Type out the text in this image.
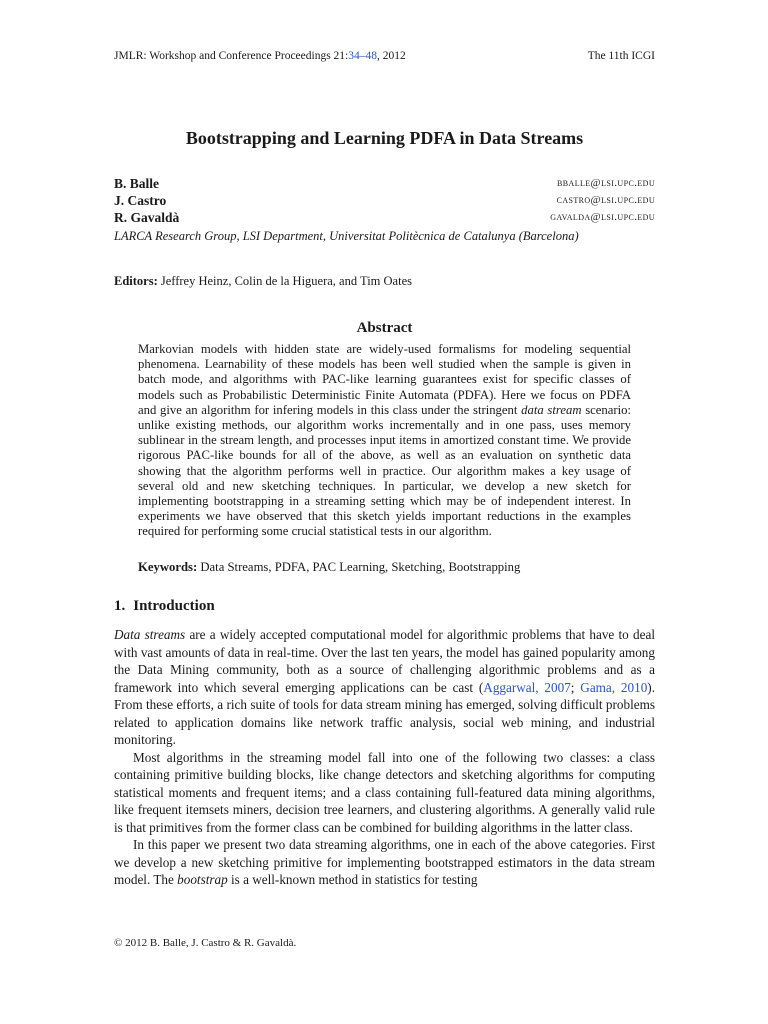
JMLR: Workshop and Conference Proceedings 21:34–48, 2012	The 11th ICGI
Bootstrapping and Learning PDFA in Data Streams
B. Balle	bballe@lsi.upc.edu
J. Castro	castro@lsi.upc.edu
R. Gavaldà	gavalda@lsi.upc.edu
LARCA Research Group, LSI Department, Universitat Politècnica de Catalunya (Barcelona)
Editors: Jeffrey Heinz, Colin de la Higuera, and Tim Oates
Abstract
Markovian models with hidden state are widely-used formalisms for modeling sequential phenomena. Learnability of these models has been well studied when the sample is given in batch mode, and algorithms with PAC-like learning guarantees exist for specific classes of models such as Probabilistic Deterministic Finite Automata (PDFA). Here we focus on PDFA and give an algorithm for infering models in this class under the stringent data stream scenario: unlike existing methods, our algorithm works incrementally and in one pass, uses memory sublinear in the stream length, and processes input items in amortized constant time. We provide rigorous PAC-like bounds for all of the above, as well as an evaluation on synthetic data showing that the algorithm performs well in practice. Our algorithm makes a key usage of several old and new sketching techniques. In particular, we develop a new sketch for implementing bootstrapping in a streaming setting which may be of independent interest. In experiments we have observed that this sketch yields important reductions in the examples required for performing some crucial statistical tests in our algorithm.
Keywords: Data Streams, PDFA, PAC Learning, Sketching, Bootstrapping
1. Introduction

Data streams are a widely accepted computational model for algorithmic problems that have to deal with vast amounts of data in real-time. Over the last ten years, the model has gained popularity among the Data Mining community, both as a source of challenging algorithmic problems and as a framework into which several emerging applications can be cast (Aggarwal, 2007; Gama, 2010). From these efforts, a rich suite of tools for data stream mining has emerged, solving difficult problems related to application domains like network traffic analysis, social web mining, and industrial monitoring.

Most algorithms in the streaming model fall into one of the following two classes: a class containing primitive building blocks, like change detectors and sketching algorithms for computing statistical moments and frequent items; and a class containing full-featured data mining algorithms, like frequent itemsets miners, decision tree learners, and clustering algorithms. A generally valid rule is that primitives from the former class can be combined for building algorithms in the latter class.

In this paper we present two data streaming algorithms, one in each of the above categories. First we develop a new sketching primitive for implementing bootstrapped estimators in the data stream model. The bootstrap is a well-known method in statistics for testing

© 2012 B. Balle, J. Castro & R. Gavaldà.
